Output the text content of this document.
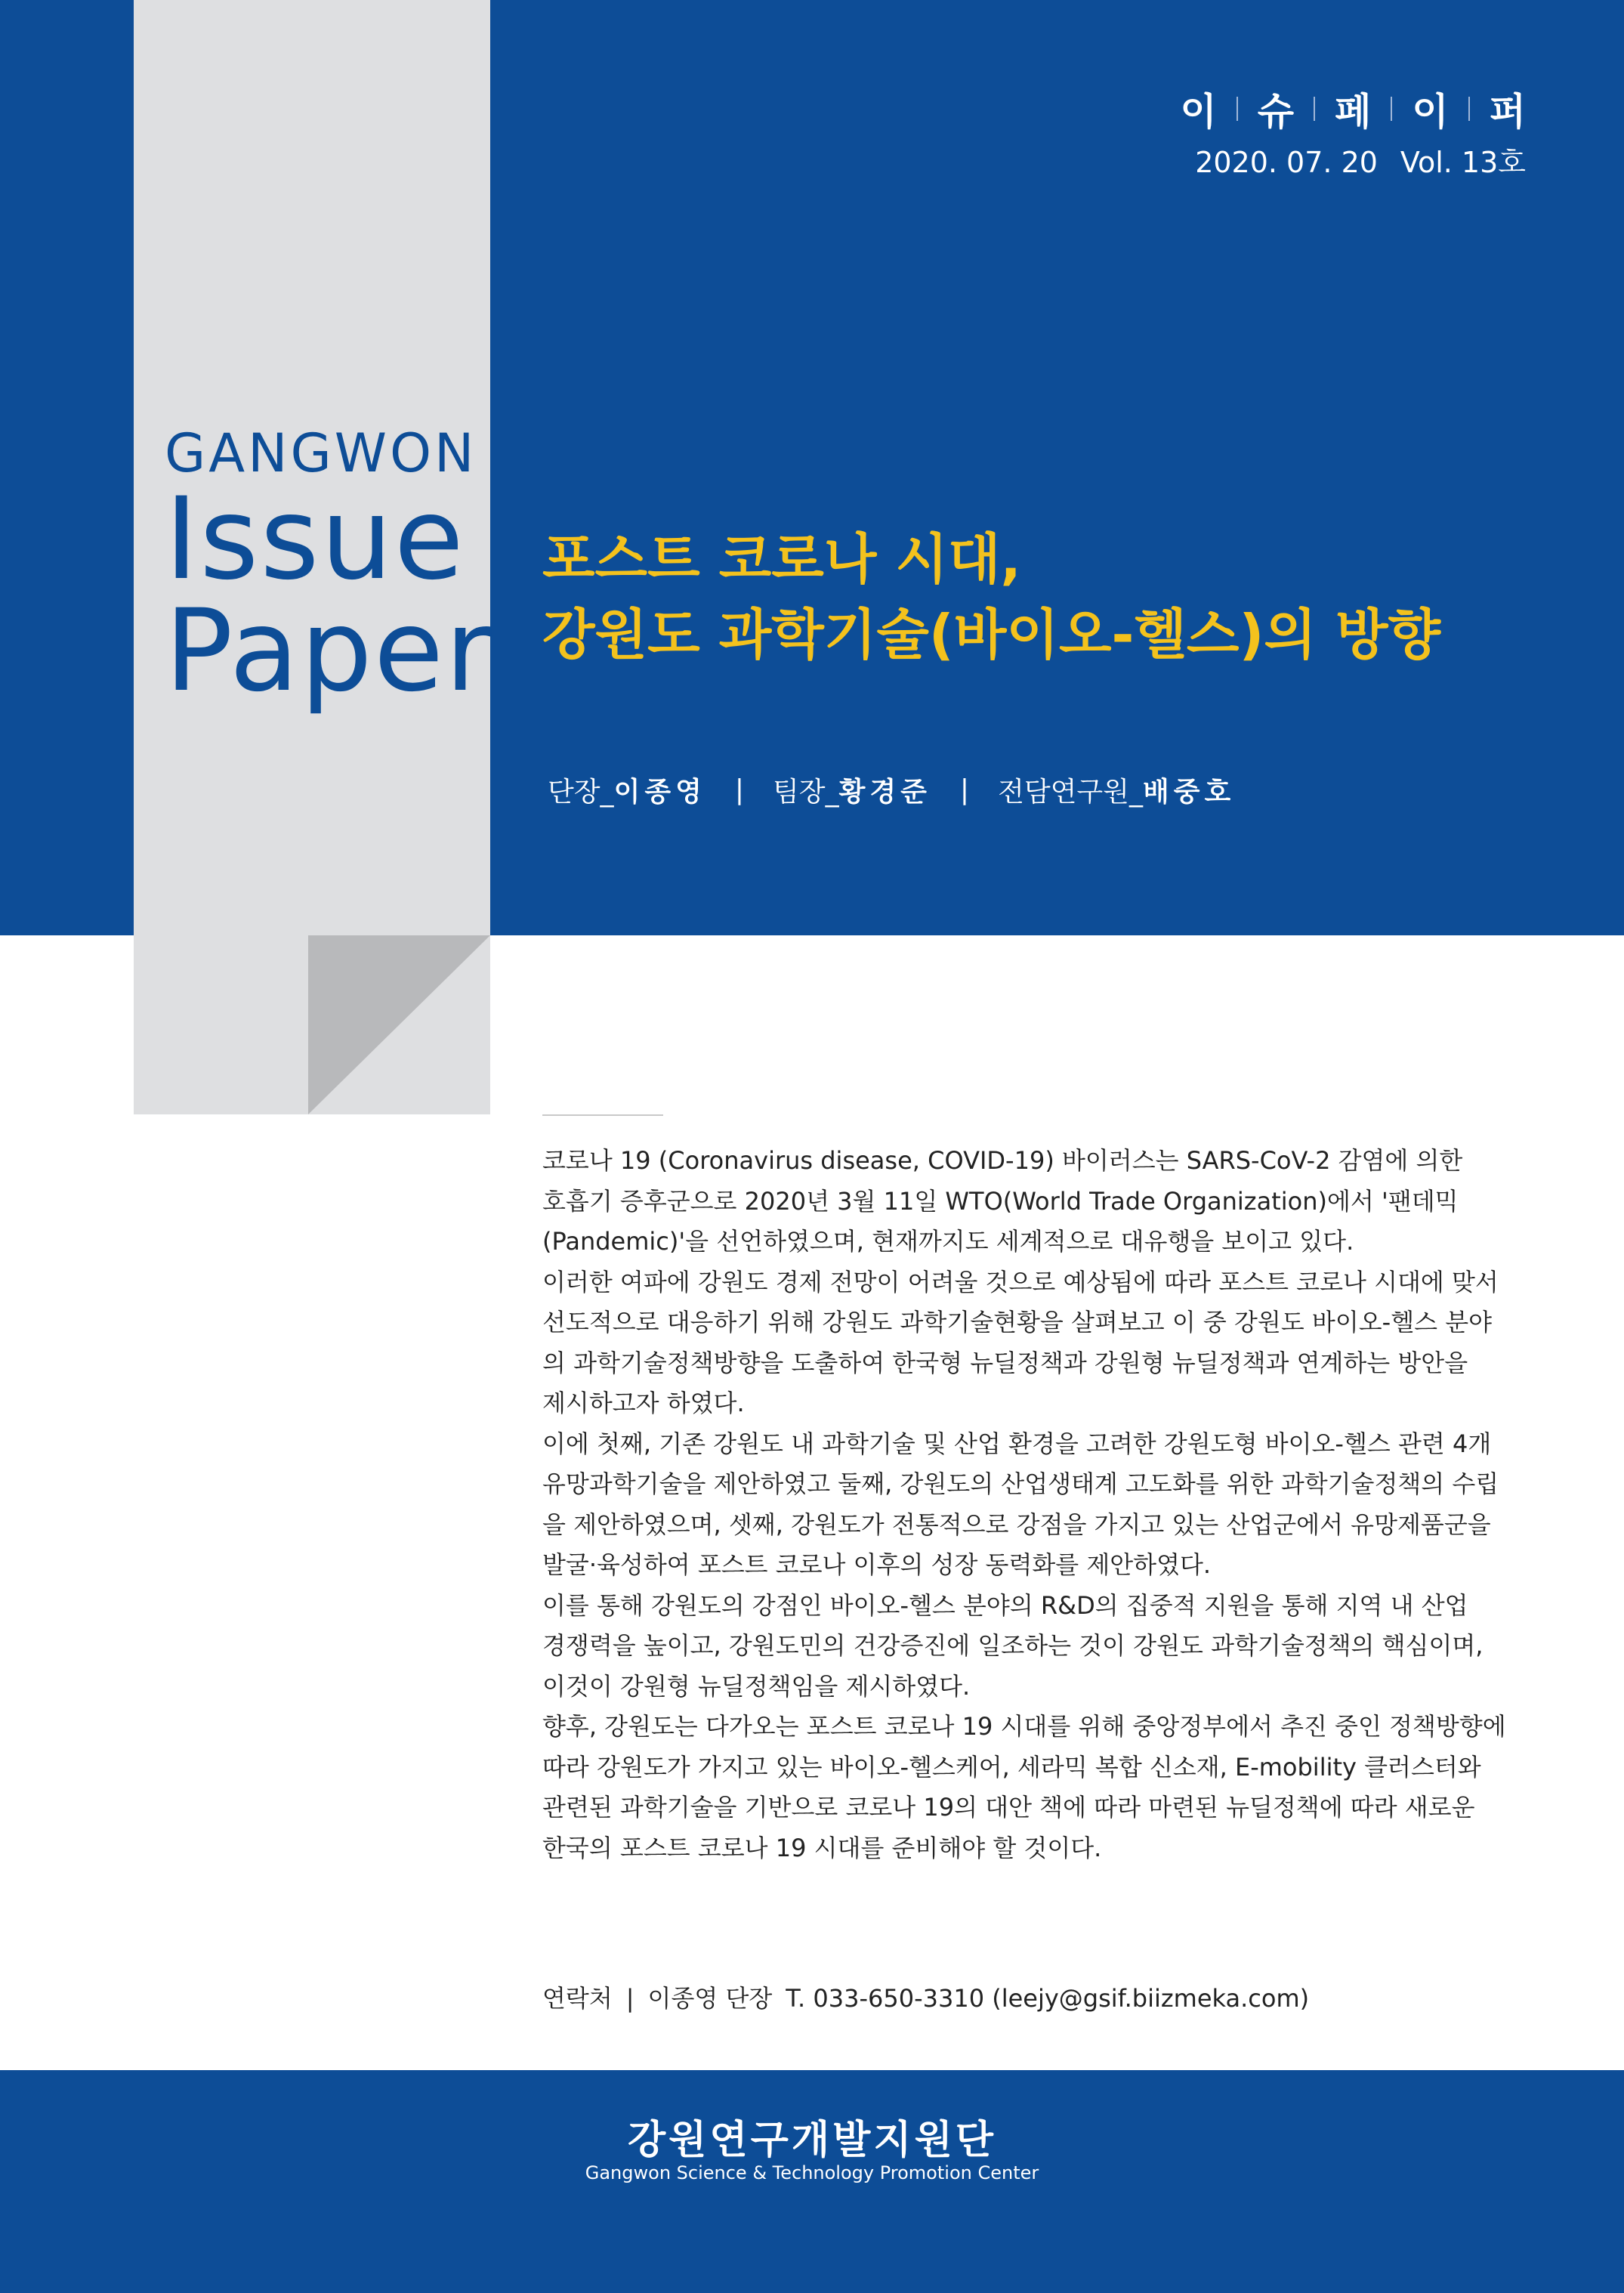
GANGWON
Issue
Paper
이 슈 페 이 퍼
2020. 07. 20 Vol. 13호
포스트 코로나 시대,
강원도 과학기술(바이오-헬스)의 방향
단장_ 이종영 | 팀장_ 황경준 | 전담연구원_ 배중호
코로나 19 (Coronavirus disease, COVID-19) 바이러스는 SARS-CoV-2 감염에 의한
호흡기 증후군으로 2020년 3월 11일 WTO(World Trade Organization)에서 '팬데믹
(Pandemic)'을 선언하였으며, 현재까지도 세계적으로 대유행을 보이고 있다.
이러한 여파에 강원도 경제 전망이 어려울 것으로 예상됨에 따라 포스트 코로나 시대에 맞서
선도적으로 대응하기 위해 강원도 과학기술현황을 살펴보고 이 중 강원도 바이오-헬스 분야
의 과학기술정책방향을 도출하여 한국형 뉴딜정책과 강원형 뉴딜정책과 연계하는 방안을
제시하고자 하였다.
이에 첫째, 기존 강원도 내 과학기술 및 산업 환경을 고려한 강원도형 바이오-헬스 관련 4개
유망과학기술을 제안하였고 둘째, 강원도의 산업생태계 고도화를 위한 과학기술정책의 수립
을 제안하였으며, 셋째, 강원도가 전통적으로 강점을 가지고 있는 산업군에서 유망제품군을
발굴·육성하여 포스트 코로나 이후의 성장 동력화를 제안하였다.
이를 통해 강원도의 강점인 바이오-헬스 분야의 R&D의 집중적 지원을 통해 지역 내 산업
경쟁력을 높이고, 강원도민의 건강증진에 일조하는 것이 강원도 과학기술정책의 핵심이며,
이것이 강원형 뉴딜정책임을 제시하였다.
향후, 강원도는 다가오는 포스트 코로나 19 시대를 위해 중앙정부에서 추진 중인 정책방향에
따라 강원도가 가지고 있는 바이오-헬스케어, 세라믹 복합 신소재, E-mobility 클러스터와
관련된 과학기술을 기반으로 코로나 19의 대안 책에 따라 마련된 뉴딜정책에 따라 새로운
한국의 포스트 코로나 19 시대를 준비해야 할 것이다.
연락처 | 이종영 단장 T. 033-650-3310 (leejy@gsif.biizmeka.com)
강원연구개발지원단
Gangwon Science & Technology Promotion Center
